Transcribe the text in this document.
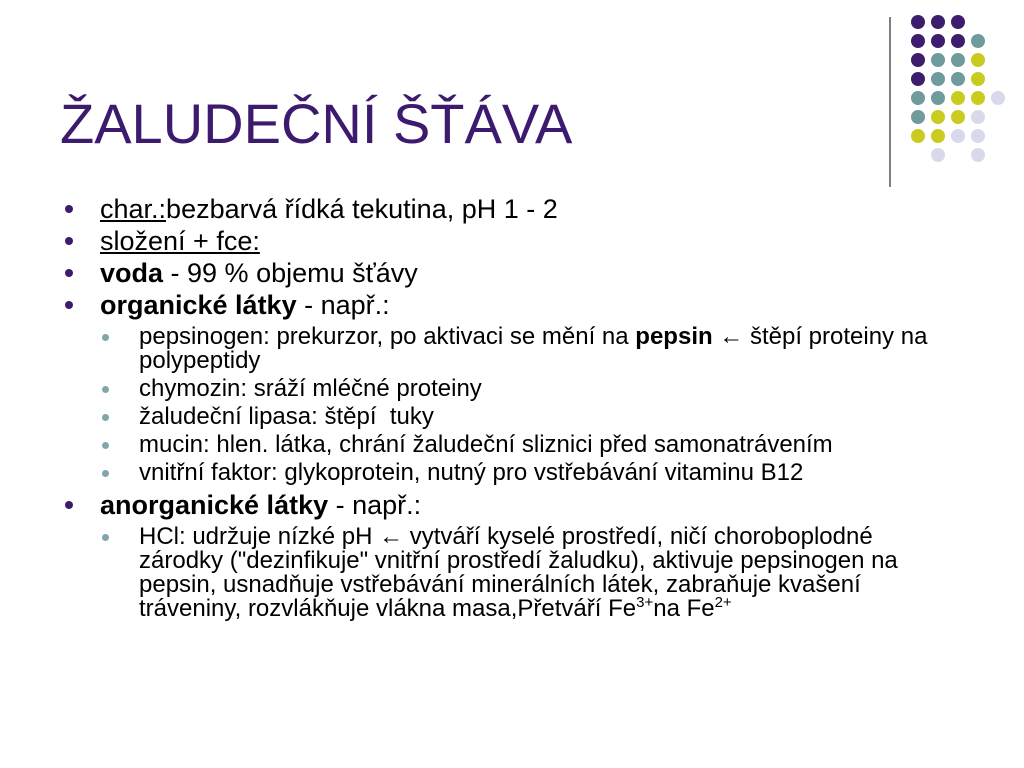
ŽALUDEČNÍ ŠŤÁVA

char.:bezbarvá řídká tekutina, pH 1 - 2

složení + fce:

voda - 99 % objemu šťávy

organické látky - např.:

pepsinogen: prekurzor, po aktivaci se mění na pepsin ← štěpí proteiny na polypeptidy

chymozin: sráží mléčné proteiny

žaludeční lipasa: štěpí  tuky

mucin: hlen. látka, chrání žaludeční sliznici před samonatrávením

vnitřní faktor: glykoprotein, nutný pro vstřebávání vitaminu B12

anorganické látky - např.:

HCl: udržuje nízké pH ← vytváří kyselé prostředí, ničí choroboplodné zárodky ("dezinfikuje" vnitřní prostředí žaludku), aktivuje pepsinogen na pepsin, usnadňuje vstřebávání minerálních látek, zabraňuje kvašení tráveniny, rozvlákňuje vlákna masa,Přetváří $Fe^{3+}na$ $Fe^{2+}$
